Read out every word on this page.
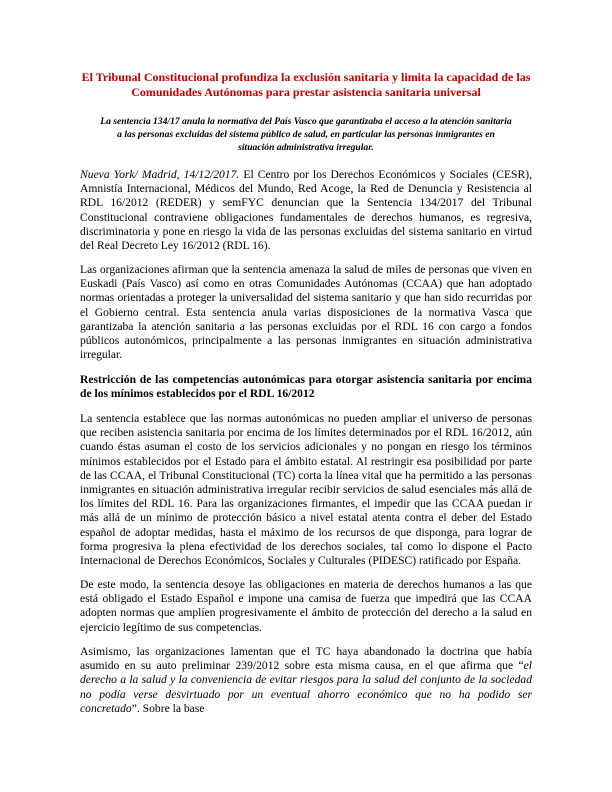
El Tribunal Constitucional profundiza la exclusión sanitaria y limita la capacidad de las Comunidades Autónomas para prestar asistencia sanitaria universal
La sentencia 134/17 anula la normativa del País Vasco que garantizaba el acceso a la atención sanitaria a las personas excluidas del sistema público de salud, en particular las personas inmigrantes en situación administrativa irregular.

Nueva York/ Madrid, 14/12/2017. El Centro por los Derechos Económicos y Sociales (CESR), Amnistía Internacional, Médicos del Mundo, Red Acoge, la Red de Denuncia y Resistencia al RDL 16/2012 (REDER) y semFYC denuncian que la Sentencia 134/2017 del Tribunal Constitucional contraviene obligaciones fundamentales de derechos humanos, es regresiva, discriminatoria y pone en riesgo la vida de las personas excluidas del sistema sanitario en virtud del Real Decreto Ley 16/2012 (RDL 16).

Las organizaciones afirman que la sentencia amenaza la salud de miles de personas que viven en Euskadi (País Vasco) así como en otras Comunidades Autónomas (CCAA) que han adoptado normas orientadas a proteger la universalidad del sistema sanitario y que han sido recurridas por el Gobierno central. Esta sentencia anula varias disposiciones de la normativa Vasca que garantizaba la atención sanitaria a las personas excluidas por el RDL 16 con cargo a fondos públicos autonómicos, principalmente a las personas inmigrantes en situación administrativa irregular.

Restricción de las competencias autonómicas para otorgar asistencia sanitaria por encima de los mínimos establecidos por el RDL 16/2012

La sentencia establece que las normas autonómicas no pueden ampliar el universo de personas que reciben asistencia sanitaria por encima de los límites determinados por el RDL 16/2012, aún cuando éstas asuman el costo de los servicios adicionales y no pongan en riesgo los términos mínimos establecidos por el Estado para el ámbito estatal. Al restringir esa posibilidad por parte de las CCAA, el Tribunal Constitucional (TC) corta la línea vital que ha permitido a las personas inmigrantes en situación administrativa irregular recibir servicios de salud esenciales más allá de los límites del RDL 16. Para las organizaciones firmantes, el impedir que las CCAA puedan ir más allá de un mínimo de protección básico a nivel estatal atenta contra el deber del Estado español de adoptar medidas, hasta el máximo de los recursos de que disponga, para lograr de forma progresiva la plena efectividad de los derechos sociales, tal como lo dispone el Pacto Internacional de Derechos Económicos, Sociales y Culturales (PIDESC) ratificado por España.

De este modo, la sentencia desoye las obligaciones en materia de derechos humanos a las que está obligado el Estado Español e impone una camisa de fuerza que impedirá que las CCAA adopten normas que amplíen progresivamente el ámbito de protección del derecho a la salud en ejercicio legítimo de sus competencias.

Asimismo, las organizaciones lamentan que el TC haya abandonado la doctrina que había asumido en su auto preliminar 239/2012 sobre esta misma causa, en el que afirma que “el derecho a la salud y la conveniencia de evitar riesgos para la salud del conjunto de la sociedad no podía verse desvirtuado por un eventual ahorro económico que no ha podido ser concretado”. Sobre la base
